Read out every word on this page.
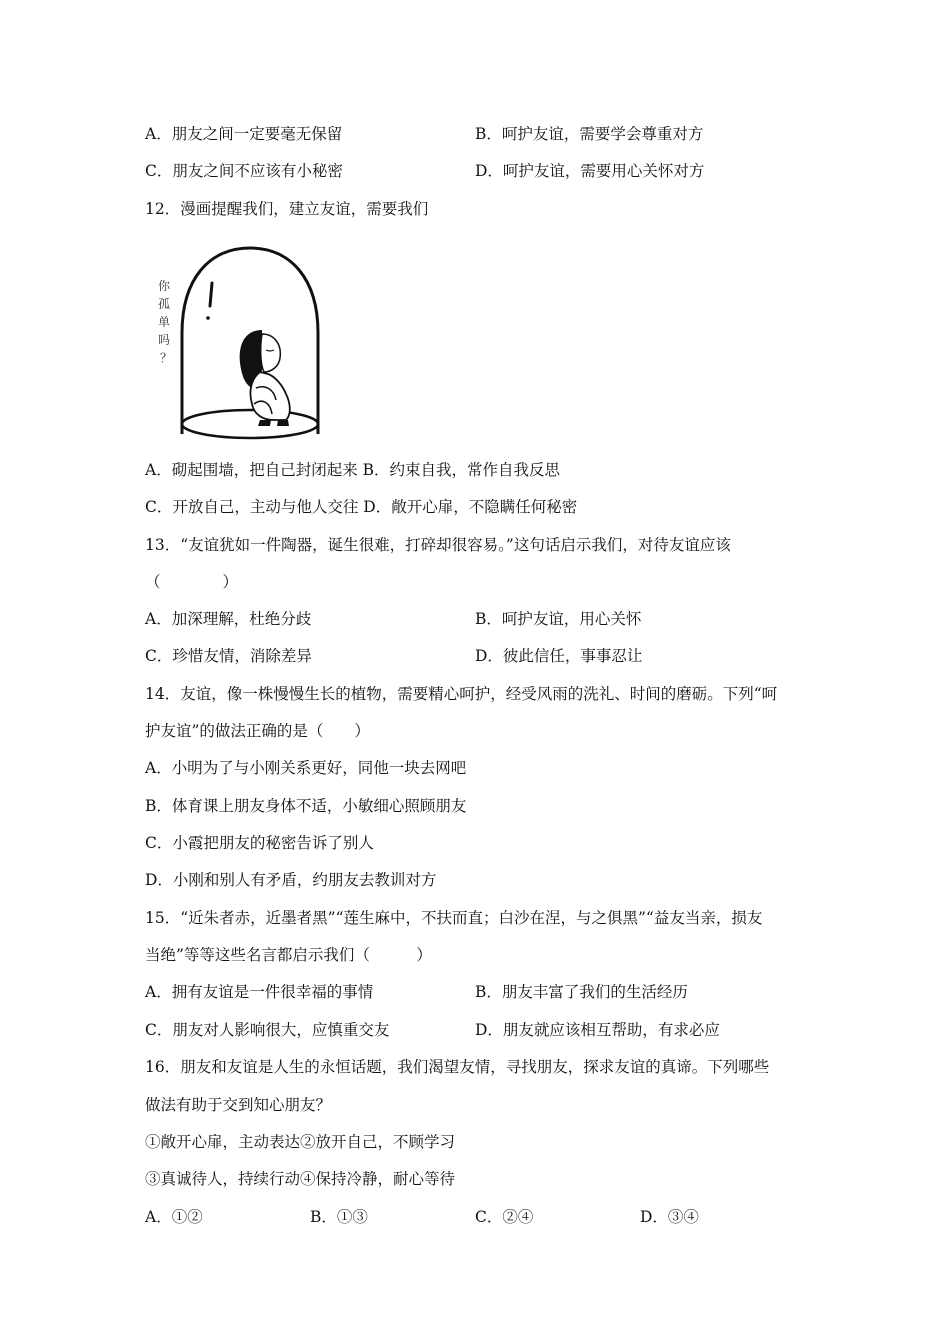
A．朋友之间一定要毫无保留	B．呵护友谊，需要学会尊重对方
C．朋友之间不应该有小秘密	D．呵护友谊，需要用心关怀对方
12．漫画提醒我们，建立友谊，需要我们
你
孤
单
吗
？
A．砌起围墙，把自己封闭起来 B．约束自我，常作自我反思
C．开放自己，主动与他人交往 D．敞开心扉，不隐瞒任何秘密
13．“友谊犹如一件陶器，诞生很难，打碎却很容易。”这句话启示我们，对待友谊应该
（　　　　）
A．加深理解，杜绝分歧	B．呵护友谊，用心关怀
C．珍惜友情，消除差异	D．彼此信任，事事忍让
14．友谊，像一株慢慢生长的植物，需要精心呵护，经受风雨的洗礼、时间的磨砺。下列“呵
护友谊”的做法正确的是（　　）
A．小明为了与小刚关系更好，同他一块去网吧
B．体育课上朋友身体不适，小敏细心照顾朋友
C．小霞把朋友的秘密告诉了别人
D．小刚和别人有矛盾，约朋友去教训对方
15．“近朱者赤，近墨者黑”“莲生麻中，不扶而直；白沙在涅，与之俱黑”“益友当亲，损友
当绝”等等这些名言都启示我们（　　　）
A．拥有友谊是一件很幸福的事情	B．朋友丰富了我们的生活经历
C．朋友对人影响很大，应慎重交友	D．朋友就应该相互帮助，有求必应
16．朋友和友谊是人生的永恒话题，我们渴望友情，寻找朋友，探求友谊的真谛。下列哪些
做法有助于交到知心朋友？
①敞开心扉，主动表达②放开自己，不顾学习
③真诚待人，持续行动④保持冷静，耐心等待
A．①②	B．①③	C．②④	D．③④
